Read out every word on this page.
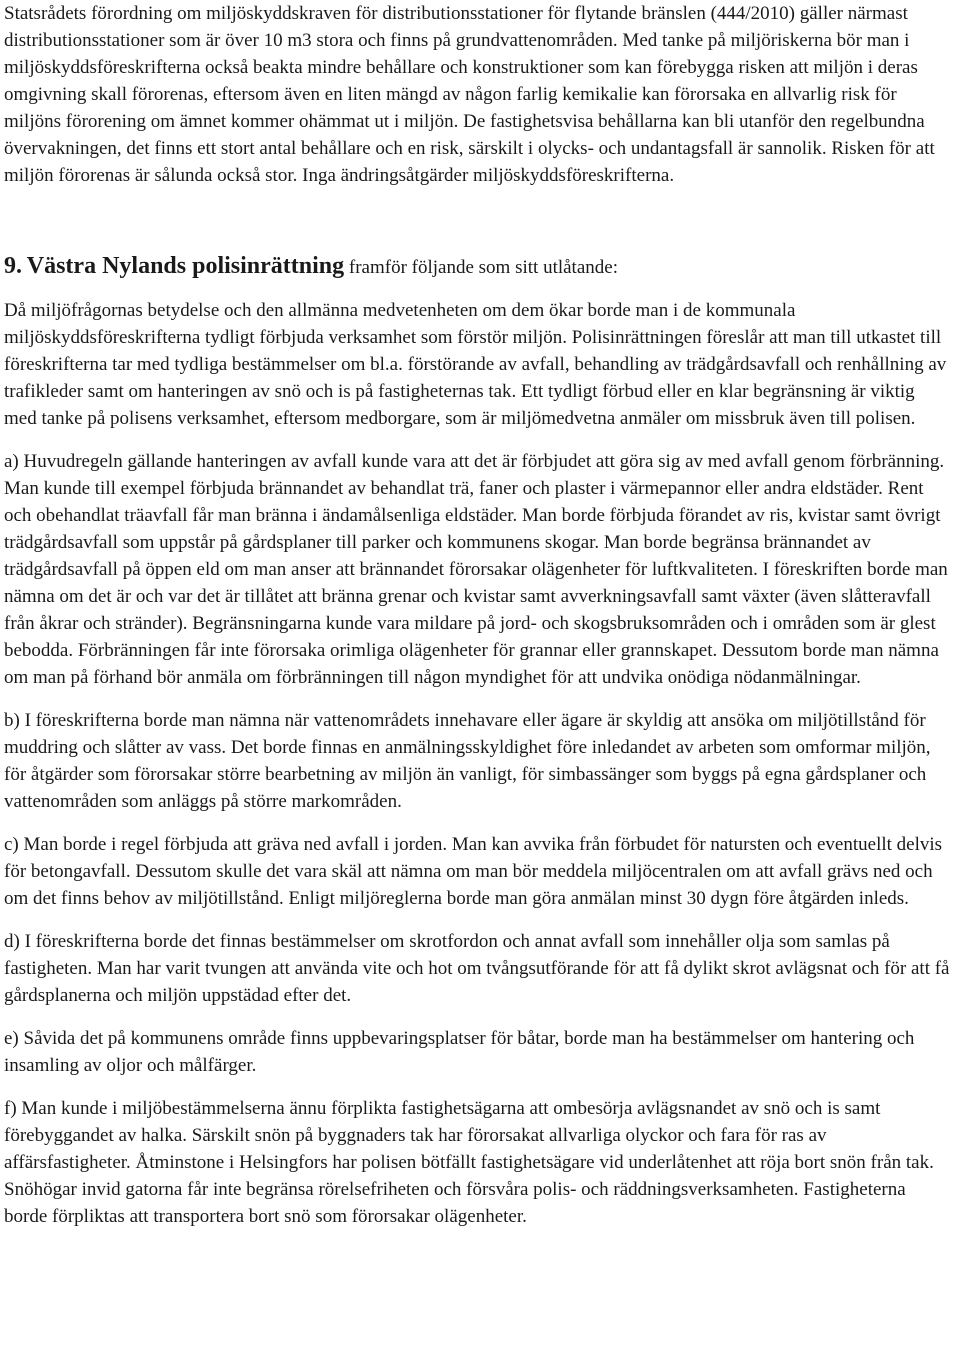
Statsrådets förordning om miljöskyddskraven för distributionsstationer för flytande bränslen (444/2010) gäller närmast distributionsstationer som är över 10 m3 stora och finns på grundvattenområden. Med tanke på miljöriskerna bör man i miljöskyddsföreskrifterna också beakta mindre behållare och konstruktioner som kan förebygga risken att miljön i deras omgivning skall förorenas, eftersom även en liten mängd av någon farlig kemikalie kan förorsaka en allvarlig risk för miljöns förorening om ämnet kommer ohämmat ut i miljön. De fastighetsvisa behållarna kan bli utanför den regelbundna övervakningen, det finns ett stort antal behållare och en risk, särskilt i olycks- och undantagsfall är sannolik. Risken för att miljön förorenas är sålunda också stor. Inga ändringsåtgärder miljöskyddsföreskrifterna.

9. Västra Nylands polisinrättning framför följande som sitt utlåtande:

Då miljöfrågornas betydelse och den allmänna medvetenheten om dem ökar borde man i de kommunala miljöskyddsföreskrifterna tydligt förbjuda verksamhet som förstör miljön. Polisinrättningen föreslår att man till utkastet till föreskrifterna tar med tydliga bestämmelser om bl.a. förstörande av avfall, behandling av trädgårdsavfall och renhållning av trafikleder samt om hanteringen av snö och is på fastigheternas tak. Ett tydligt förbud eller en klar begränsning är viktig med tanke på polisens verksamhet, eftersom medborgare, som är miljömedvetna anmäler om missbruk även till polisen.

a) Huvudregeln gällande hanteringen av avfall kunde vara att det är förbjudet att göra sig av med avfall genom förbränning. Man kunde till exempel förbjuda brännandet av behandlat trä, faner och plaster i värmepannor eller andra eldstäder. Rent och obehandlat träavfall får man bränna i ändamålsenliga eldstäder. Man borde förbjuda förandet av ris, kvistar samt övrigt trädgårdsavfall som uppstår på gårdsplaner till parker och kommunens skogar. Man borde begränsa brännandet av trädgårdsavfall på öppen eld om man anser att brännandet förorsakar olägenheter för luftkvaliteten. I föreskriften borde man nämna om det är och var det är tillåtet att bränna grenar och kvistar samt avverkningsavfall samt växter (även slåtteravfall från åkrar och stränder). Begränsningarna kunde vara mildare på jord- och skogsbruksområden och i områden som är glest bebodda. Förbränningen får inte förorsaka orimliga olägenheter för grannar eller grannskapet. Dessutom borde man nämna om man på förhand bör anmäla om förbränningen till någon myndighet för att undvika onödiga nödanmälningar.

b) I föreskrifterna borde man nämna när vattenområdets innehavare eller ägare är skyldig att ansöka om miljötillstånd för muddring och slåtter av vass. Det borde finnas en anmälningsskyldighet före inledandet av arbeten som omformar miljön, för åtgärder som förorsakar större bearbetning av miljön än vanligt, för simbassänger som byggs på egna gårdsplaner och vattenområden som anläggs på större markområden.

c) Man borde i regel förbjuda att gräva ned avfall i jorden. Man kan avvika från förbudet för natursten och eventuellt delvis för betongavfall. Dessutom skulle det vara skäl att nämna om man bör meddela miljöcentralen om att avfall grävs ned och om det finns behov av miljötillstånd. Enligt miljöreglerna borde man göra anmälan minst 30 dygn före åtgärden inleds.

d) I föreskrifterna borde det finnas bestämmelser om skrotfordon och annat avfall som innehåller olja som samlas på fastigheten. Man har varit tvungen att använda vite och hot om tvångsutförande för att få dylikt skrot avlägsnat och för att få gårdsplanerna och miljön uppstädad efter det.

e) Såvida det på kommunens område finns uppbevaringsplatser för båtar, borde man ha bestämmelser om hantering och insamling av oljor och målfärger.

f) Man kunde i miljöbestämmelserna ännu förplikta fastighetsägarna att ombesörja avlägsnandet av snö och is samt förebyggandet av halka. Särskilt snön på byggnaders tak har förorsakat allvarliga olyckor och fara för ras av affärsfastigheter. Åtminstone i Helsingfors har polisen bötfällt fastighetsägare vid underlåtenhet att röja bort snön från tak. Snöhögar invid gatorna får inte begränsa rörelsefriheten och försvåra polis- och räddningsverksamheten. Fastigheterna borde förpliktas att transportera bort snö som förorsakar olägenheter.
